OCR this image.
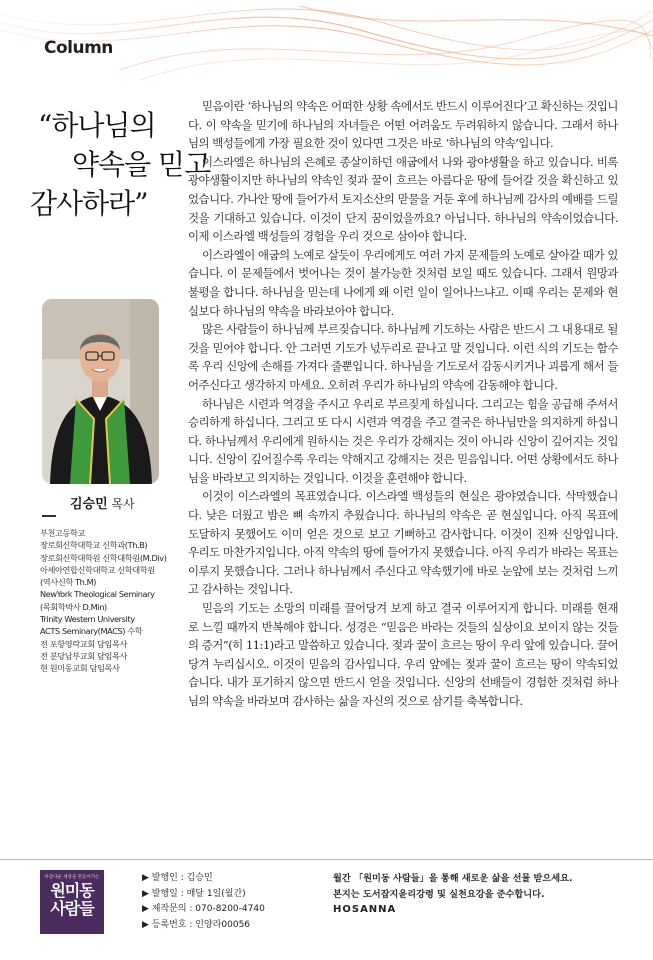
Column
“하나님의
약속을 믿고
감사하라”
김승민 목사
부천고등학교
장로회신학대학교 신학과(Th.B)
장로회신학대학원 신학대학원(M.Div)
아세아연합신학대학교 신학대학원
(역사신학 Th.M)
NewYork Theological Seminary
(목회학박사 D.Min)
Trinity Western University
ACTS Seminary(MACS) 수학
전 포항영락교회 담임목사
전 분당남부교회 담임목사
현 원미동교회 담임목사

믿음이란 ‘하나님의 약속은 어떠한 상황 속에서도 반드시 이루어진다’고 확신하는 것입니다. 이 약속을 믿기에 하나님의 자녀들은 어떤 어려움도 두려워하지 않습니다. 그래서 하나님의 백성들에게 가장 필요한 것이 있다면 그것은 바로 ‘하나님의 약속’입니다.

이스라엘은 하나님의 은혜로 종살이하던 애굽에서 나와 광야생활을 하고 있습니다. 비록 광야생활이지만 하나님의 약속인 젖과 꿀이 흐르는 아름다운 땅에 들어갈 것을 확신하고 있었습니다. 가나안 땅에 들어가서 토지소산의 맏물을 거둔 후에 하나님께 감사의 예배를 드릴 것을 기대하고 있습니다. 이것이 단지 꿈이었을까요? 아닙니다. 하나님의 약속이었습니다. 이제 이스라엘 백성들의 경험을 우리 것으로 삼아야 합니다.

이스라엘이 애굽의 노예로 살듯이 우리에게도 여러 가지 문제들의 노예로 살아갈 때가 있습니다. 이 문제들에서 벗어나는 것이 불가능한 것처럼 보일 때도 있습니다. 그래서 원망과 불평을 합니다. 하나님을 믿는데 나에게 왜 이런 일이 일어나느냐고. 이때 우리는 문제와 현실보다 하나님의 약속을 바라보아야 합니다.

많은 사람들이 하나님께 부르짖습니다. 하나님께 기도하는 사람은 반드시 그 내용대로 될 것을 믿어야 합니다. 안 그러면 기도가 넋두리로 끝나고 말 것입니다. 이런 식의 기도는 함수록 우리 신앙에 손해를 가져다 줄뿐입니다. 하나님을 기도로서 감동시키거나 괴롭게 해서 들어주신다고 생각하지 마세요. 오히려 우리가 하나님의 약속에 감동해야 합니다.

하나님은 시련과 역경을 주시고 우리로 부르짖게 하십니다. 그리고는 힘을 공급해 주셔서 승리하게 하십니다. 그리고 또 다시 시련과 역경을 주고 결국은 하나님만을 의지하게 하십니다. 하나님께서 우리에게 원하시는 것은 우리가 강해지는 것이 아니라 신앙이 깊어지는 것입니다. 신앙이 깊어질수록 우리는 약해지고 강해지는 것은 믿음입니다. 어떤 상황에서도 하나님을 바라보고 의지하는 것입니다. 이것을 훈련해야 합니다.

이것이 이스라엘의 목표였습니다. 이스라엘 백성들의 현실은 광야였습니다. 삭막했습니다. 낮은 더웠고 밤은 뼈 속까지 추웠습니다. 하나님의 약속은 곧 현실입니다. 아직 목표에 도달하지 못했어도 이미 얻은 것으로 보고 기뻐하고 감사합니다. 이것이 진짜 신앙입니다. 우리도 마찬가지입니다. 아직 약속의 땅에 들어가지 못했습니다. 아직 우리가 바라는 목표는 이루지 못했습니다. 그러나 하나님께서 주신다고 약속했기에 바로 눈앞에 보는 것처럼 느끼고 감사하는 것입니다.

믿음의 기도는 소망의 미래를 끌어당겨 보게 하고 결국 이루어지게 합니다. 미래를 현재로 느낄 때까지 반복해야 합니다. 성경은 “믿음은 바라는 것들의 실상이요 보이지 않는 것들의 증거”(히 11:1)라고 말씀하고 있습니다. 젖과 꿀이 흐르는 땅이 우리 앞에 있습니다. 끌어 당겨 누리십시오. 이것이 믿음의 감사입니다. 우리 앞에는 젖과 꿀이 흐르는 땅이 약속되었습니다. 내가 포기하지 않으면 반드시 얻을 것입니다. 신앙의 선배들이 경험한 것처럼 하나님의 약속을 바라보며 감사하는 삶을 자신의 것으로 삼기를 축복합니다.

아름다운 세상을 만들어가는
원미동
사람들
▶ 발행인 : 김승민
▶ 발행일 : 매달 1일(월간)
▶ 제작문의 : 070-8200-4740
▶ 등록번호 : 인양라00056
월간 「원미동 사람들」을 통해 새로운 삶을 선물 받으세요.
본지는 도서잡지윤리강령 및 실천요강을 준수합니다.
HOSANNA
